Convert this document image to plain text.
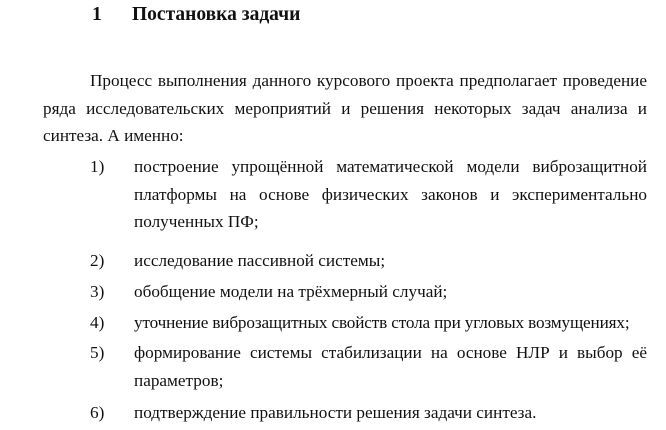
1 Постановка задачи
Процесс выполнения данного курсового проекта предполагает проведение
ряда исследовательских мероприятий и решения некоторых задач анализа и
синтеза. А именно:
1) построение упрощённой математической модели виброзащитной
платформы на основе физических законов и экспериментально
полученных ПФ;
2) исследование пассивной системы;
3) обобщение модели на трёхмерный случай;
4) уточнение виброзащитных свойств стола при угловых возмущениях;
5) формирование системы стабилизации на основе НЛР и выбор её
параметров;
6) подтверждение правильности решения задачи синтеза.
